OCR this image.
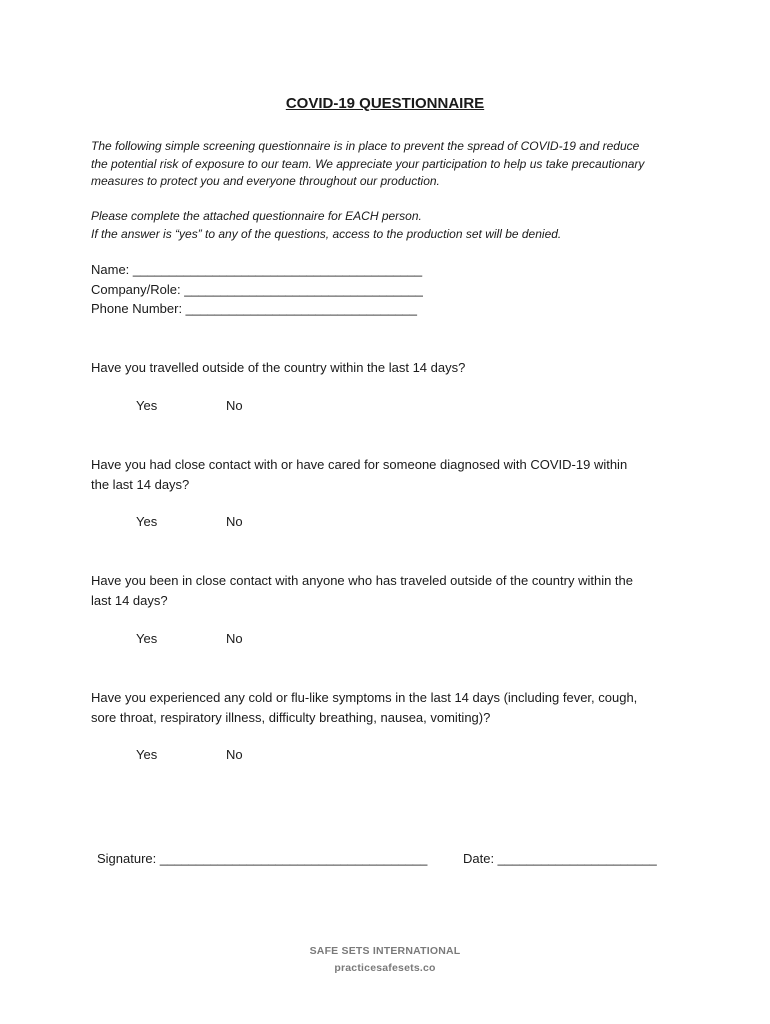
COVID-19 QUESTIONNAIRE

The following simple screening questionnaire is in place to prevent the spread of COVID-19 and reduce

the potential risk of exposure to our team. We appreciate your participation to help us take precautionary

measures to protect you and everyone throughout our production.

Please complete the attached questionnaire for EACH person.

If the answer is “yes” to any of the questions, access to the production set will be denied.

Name: ________________________________________
Company/Role: _________________________________
Phone Number: ________________________________
Have you travelled outside of the country within the last 14 days?
Yes	No
Have you had close contact with or have cared for someone diagnosed with COVID-19 within
the last 14 days?
Yes	No
Have you been in close contact with anyone who has traveled outside of the country within the
last 14 days?
Yes	No
Have you experienced any cold or flu-like symptoms in the last 14 days (including fever, cough,
sore throat, respiratory illness, difficulty breathing, nausea, vomiting)?
Yes	No
Signature: _____________________________________	Date: ______________________
SAFE SETS INTERNATIONAL
practicesafesets.co
